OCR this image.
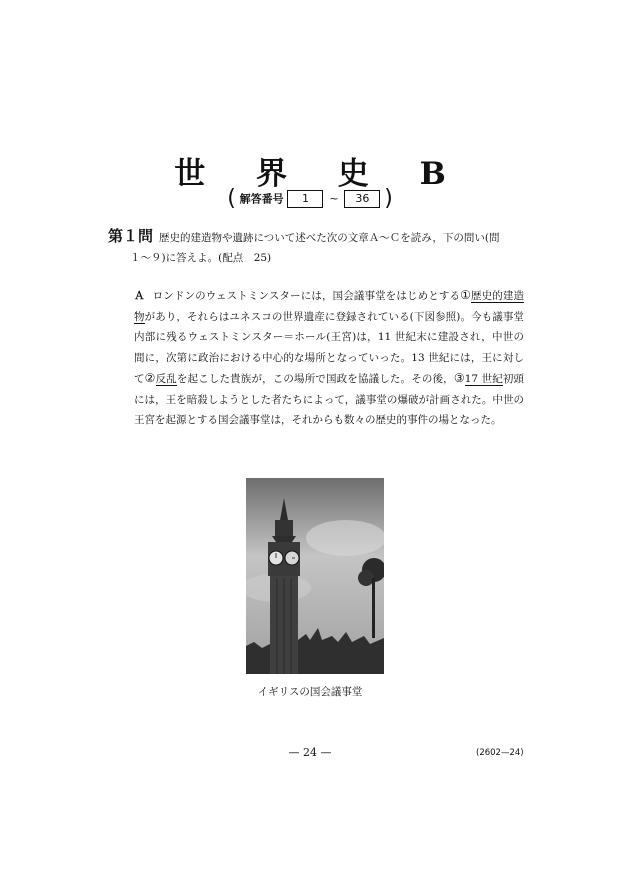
世 界 史 B
( 解答番号 1 ~ 36 )
第１問 歴史的建造物や遺跡について述べた次の文章Ａ～Ｃを読み，下の問い(問
１～９)に答えよ。(配点　25)
Ａ ロンドンのウェストミンスターには，国会議事堂をはじめとする①歴史的建造物があり，それらはユネスコの世界遺産に登録されている(下図参照)。今も議事堂内部に残るウェストミンスター＝ホール(王宮)は，11 世紀末に建設され，中世の間に，次第に政治における中心的な場所となっていった。13 世紀には，王に対して②反乱を起こした貴族が，この場所で国政を協議した。その後，③17 世紀初頭には，王を暗殺しようとした者たちによって，議事堂の爆破が計画された。中世の王宮を起源とする国会議事堂は，それからも数々の歴史的事件の場となった。
イギリスの国会議事堂
— 24 —	(2602—24)
